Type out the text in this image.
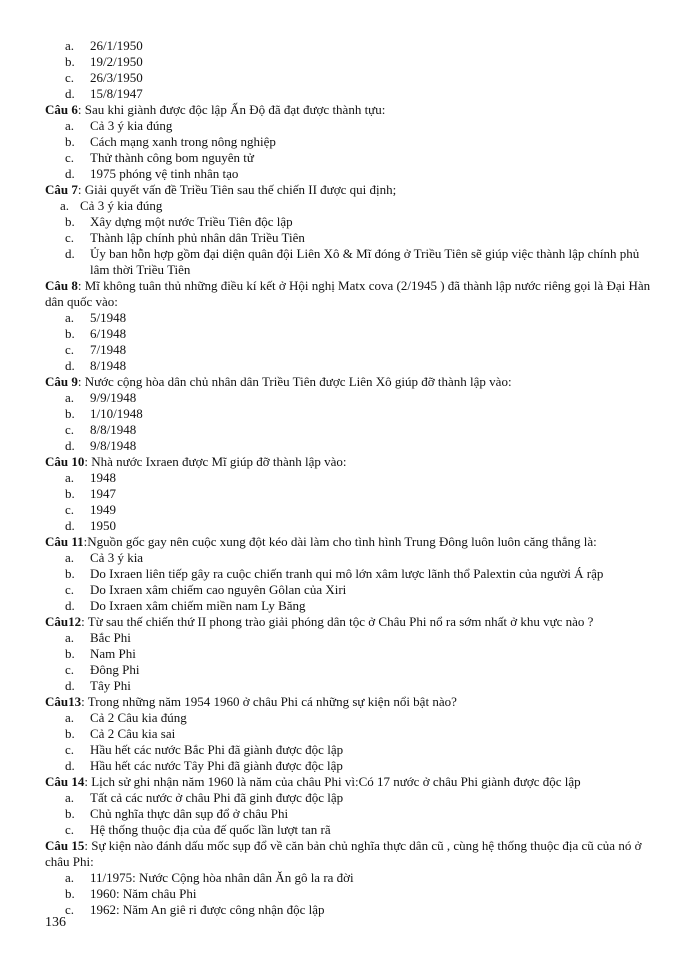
a.	26/1/1950
b.	19/2/1950
c.	26/3/1950
d.	15/8/1947
Câu 6: Sau khi giành được độc lập Ấn Độ đã đạt được thành tựu:
a.	Cả 3 ý kia đúng
b.	Cách mạng xanh trong nông nghiệp
c.	Thử thành công bom nguyên tử
d.	1975 phóng vệ tinh nhân tạo
Câu 7: Giải quyết vấn đề Triều Tiên sau thế chiến II được qui định;
a. Cả 3 ý kia đúng
b.	Xây dựng một nước Triều Tiên độc lập
c.	Thành lập chính phủ nhân dân Triều Tiên
d.	Ủy ban hỗn hợp gồm đại diện quân đội Liên Xô & Mĩ đóng ở Triều Tiên sẽ giúp việc thành lập chính phủ lâm thời Triều Tiên
Câu 8: Mĩ không tuân thủ những điều kí kết ở Hội nghị Matx cova (2/1945 ) đã thành lập nước riêng gọi là Đại Hàn dân quốc vào:
a.	5/1948
b.	6/1948
c.	7/1948
d.	8/1948
Câu 9: Nước cộng hòa dân chủ nhân dân Triều Tiên được Liên Xô giúp đỡ thành lập vào:
a.	9/9/1948
b.	1/10/1948
c.	8/8/1948
d.	9/8/1948
Câu 10: Nhà nước Ixraen được Mĩ giúp đỡ thành lập vào:
a.	1948
b.	1947
c.	1949
d.	1950
Câu 11:Nguồn gốc gay nên cuộc xung đột kéo dài làm cho tình hình Trung Đông luôn luôn căng thẳng là:
a.	Cả 3 ý kia
b.	Do Ixraen liên tiếp gây ra cuộc chiến tranh qui mô lớn xâm lược lãnh thổ Palextin của người Á rập
c.	Do Ixraen xâm chiếm cao nguyên Gôlan của Xiri
d.	Do Ixraen xâm chiếm miền nam Ly Băng
Câu12: Từ sau thế chiến thứ II phong trào giải phóng dân tộc ở Châu Phi nổ ra sớm nhất ở khu vực nào ?
a.	Bắc Phi
b.	Nam Phi
c.	Đông Phi
d.	Tây Phi
Câu13: Trong những năm 1954 1960 ở châu Phi cá những sự kiện nổi bật nào?
a.	Cả 2 Câu kia đúng
b.	Cả 2 Câu kia sai
c.	Hầu hết các nước Bắc Phi đã giành được độc lập
d.	Hầu hết các nước Tây Phi đã giành được độc lập
Câu 14: Lịch sử ghi nhận năm 1960 là năm của châu Phi vì:Có 17 nước ở châu Phi giành được độc lập
a.	Tất cả các nước ở châu Phi đã ginh được độc lập
b.	Chủ nghĩa thực dân sụp đổ ở châu Phi
c.	Hệ thống thuộc địa của đế quốc lần lượt tan rã
Câu 15: Sự kiện nào đánh dấu mốc sụp đổ về căn bản chủ nghĩa thực dân cũ , cùng hệ thống thuộc địa cũ của nó ở châu Phi:
a.	11/1975: Nước Cộng hòa nhân dân Ăn gô la ra đời
b.	1960: Năm châu Phi
c.	1962: Năm An giê ri được công nhận độc lập
136
